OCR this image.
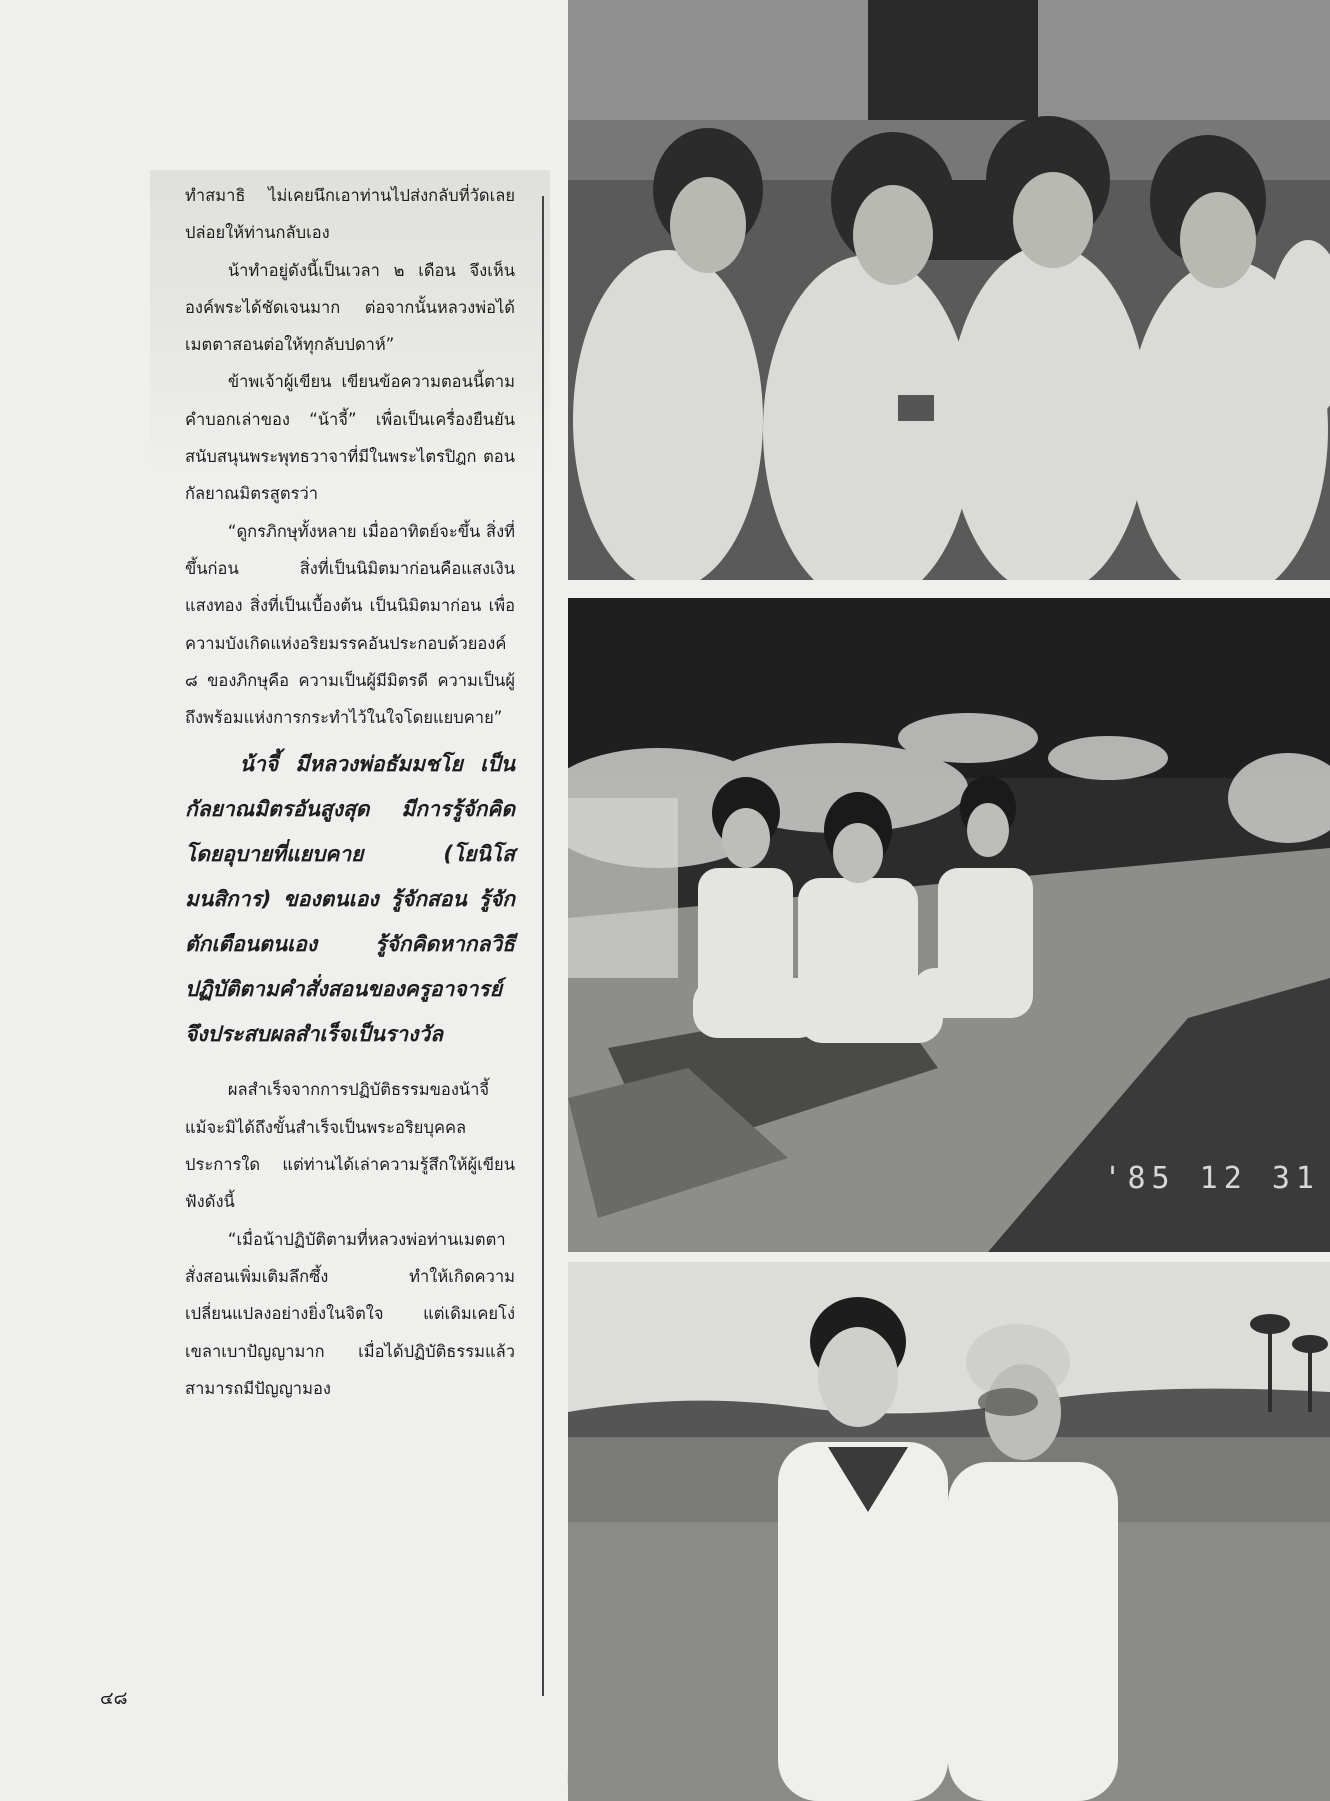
ทำสมาธิ ไม่เคยนึกเอาท่านไปส่งกลับที่วัดเลย ปล่อยให้ท่านกลับเอง

น้าทำอยู่ดังนี้เป็นเวลา ๒ เดือน จึงเห็นองค์พระได้ชัดเจนมาก ต่อจากนั้นหลวงพ่อได้เมตตาสอนต่อให้ทุกลับปดาห์”

ข้าพเจ้าผู้เขียน เขียนข้อความตอนนี้ตามคำบอกเล่าของ “น้าจี้” เพื่อเป็นเครื่องยืนยันสนับสนุนพระพุทธวาจาที่มีในพระไตรปิฎก ตอนกัลยาณมิตรสูตรว่า

“ดูกรภิกษุทั้งหลาย เมื่ออาทิตย์จะขึ้น สิ่งที่ขึ้นก่อน สิ่งที่เป็นนิมิตมาก่อนคือแสงเงินแสงทอง สิ่งที่เป็นเบื้องต้น เป็นนิมิตมาก่อน เพื่อความบังเกิดแห่งอริยมรรคอันประกอบด้วยองค์ ๘ ของภิกษุคือ ความเป็นผู้มีมิตรดี ความเป็นผู้ถึงพร้อมแห่งการกระทำไว้ในใจโดยแยบคาย”

น้าจี้ มีหลวงพ่อธัมมชโย เป็นกัลยาณมิตรอันสูงสุด มีการรู้จักคิดโดยอุบายที่แยบคาย (โยนิโสมนสิการ) ของตนเอง รู้จักสอน รู้จักตักเตือนตนเอง รู้จักคิดหากลวิธีปฏิบัติตามคำสั่งสอนของครูอาจารย์ จึงประสบผลสำเร็จเป็นรางวัล

ผลสำเร็จจากการปฏิบัติธรรมของน้าจี้ แม้จะมิได้ถึงขั้นสำเร็จเป็นพระอริยบุคคลประการใด แต่ท่านได้เล่าความรู้สึกให้ผู้เขียนฟังดังนี้

“เมื่อน้าปฏิบัติตามที่หลวงพ่อท่านเมตตาสั่งสอนเพิ่มเติมลึกซึ้ง ทำให้เกิดความเปลี่ยนแปลงอย่างยิ่งในจิตใจ แต่เดิมเคยโง่เขลาเบาปัญญามาก เมื่อได้ปฏิบัติธรรมแล้วสามารถมีปัญญามอง

๔๘
'85 12 31
Kalyanamitra.org
